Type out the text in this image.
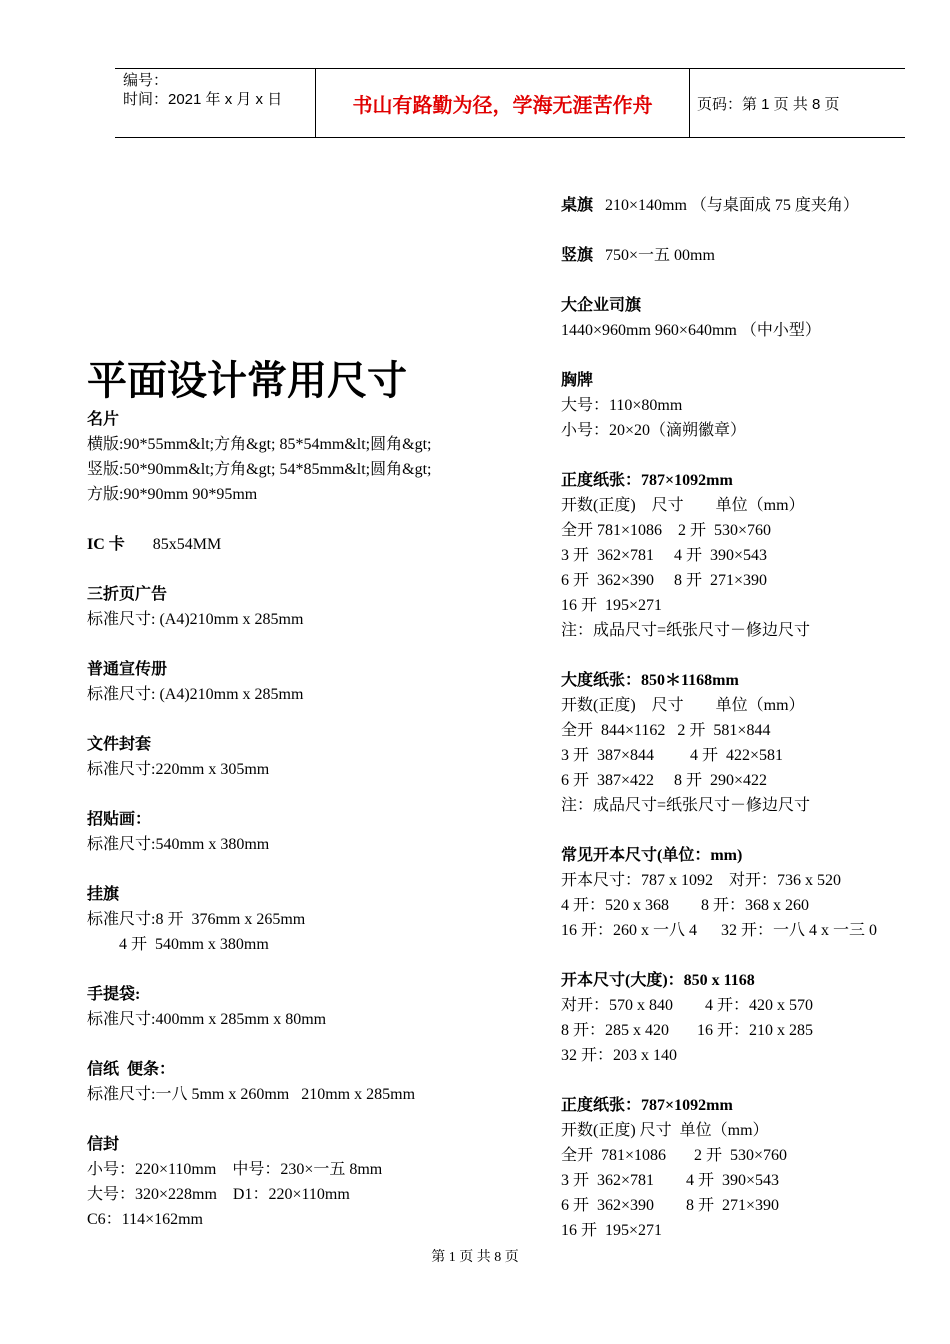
编号：
时间：2021 年 x 月 x 日	书山有路勤为径，学海无涯苦作舟	页码：第 1 页 共 8 页
平面设计常用尺寸
名片
横版:90*55mm&lt;方角&gt; 85*54mm&lt;圆角&gt;
竖版:50*90mm&lt;方角&gt; 54*85mm&lt;圆角&gt;
方版:90*90mm 90*95mm
IC 卡       85x54MM
三折页广告
标准尺寸: (A4)210mm x 285mm
普通宣传册
标准尺寸: (A4)210mm x 285mm
文件封套
标准尺寸:220mm x 305mm
招贴画：
标准尺寸:540mm x 380mm
挂旗
标准尺寸:8 开  376mm x 265mm
4 开  540mm x 380mm
手提袋:
标准尺寸:400mm x 285mm x 80mm
信纸  便条：
标准尺寸:一八 5mm x 260mm   210mm x 285mm
信封
小号：220×110mm    中号：230×一五 8mm
大号：320×228mm    D1：220×110mm
C6：114×162mm
桌旗   210×140mm （与桌面成 75 度夹角）
竖旗   750×一五 00mm
大企业司旗
1440×960mm 960×640mm （中小型）
胸牌
大号：110×80mm
小号：20×20（滴朔徽章）
正度纸张：787×1092mm
开数(正度)    尺寸        单位（mm）
全开 781×1086    2 开  530×760
3 开  362×781     4 开  390×543
6 开  362×390     8 开  271×390
16 开  195×271
注：成品尺寸=纸张尺寸－修边尺寸
大度纸张：850＊1168mm
开数(正度)    尺寸        单位（mm）
全开  844×1162   2 开  581×844
3 开  387×844         4 开  422×581
6 开  387×422     8 开  290×422
注：成品尺寸=纸张尺寸－修边尺寸
常见开本尺寸(单位：mm)
开本尺寸：787 x 1092    对开：736 x 520
4 开：520 x 368        8 开：368 x 260
16 开：260 x 一八 4      32 开：一八 4 x 一三 0
开本尺寸(大度)：850 x 1168
对开：570 x 840        4 开：420 x 570
8 开：285 x 420       16 开：210 x 285
32 开：203 x 140
正度纸张：787×1092mm
开数(正度) 尺寸  单位（mm）
全开  781×1086       2 开  530×760
3 开  362×781        4 开  390×543
6 开  362×390        8 开  271×390
16 开  195×271
第 1 页 共 8 页
